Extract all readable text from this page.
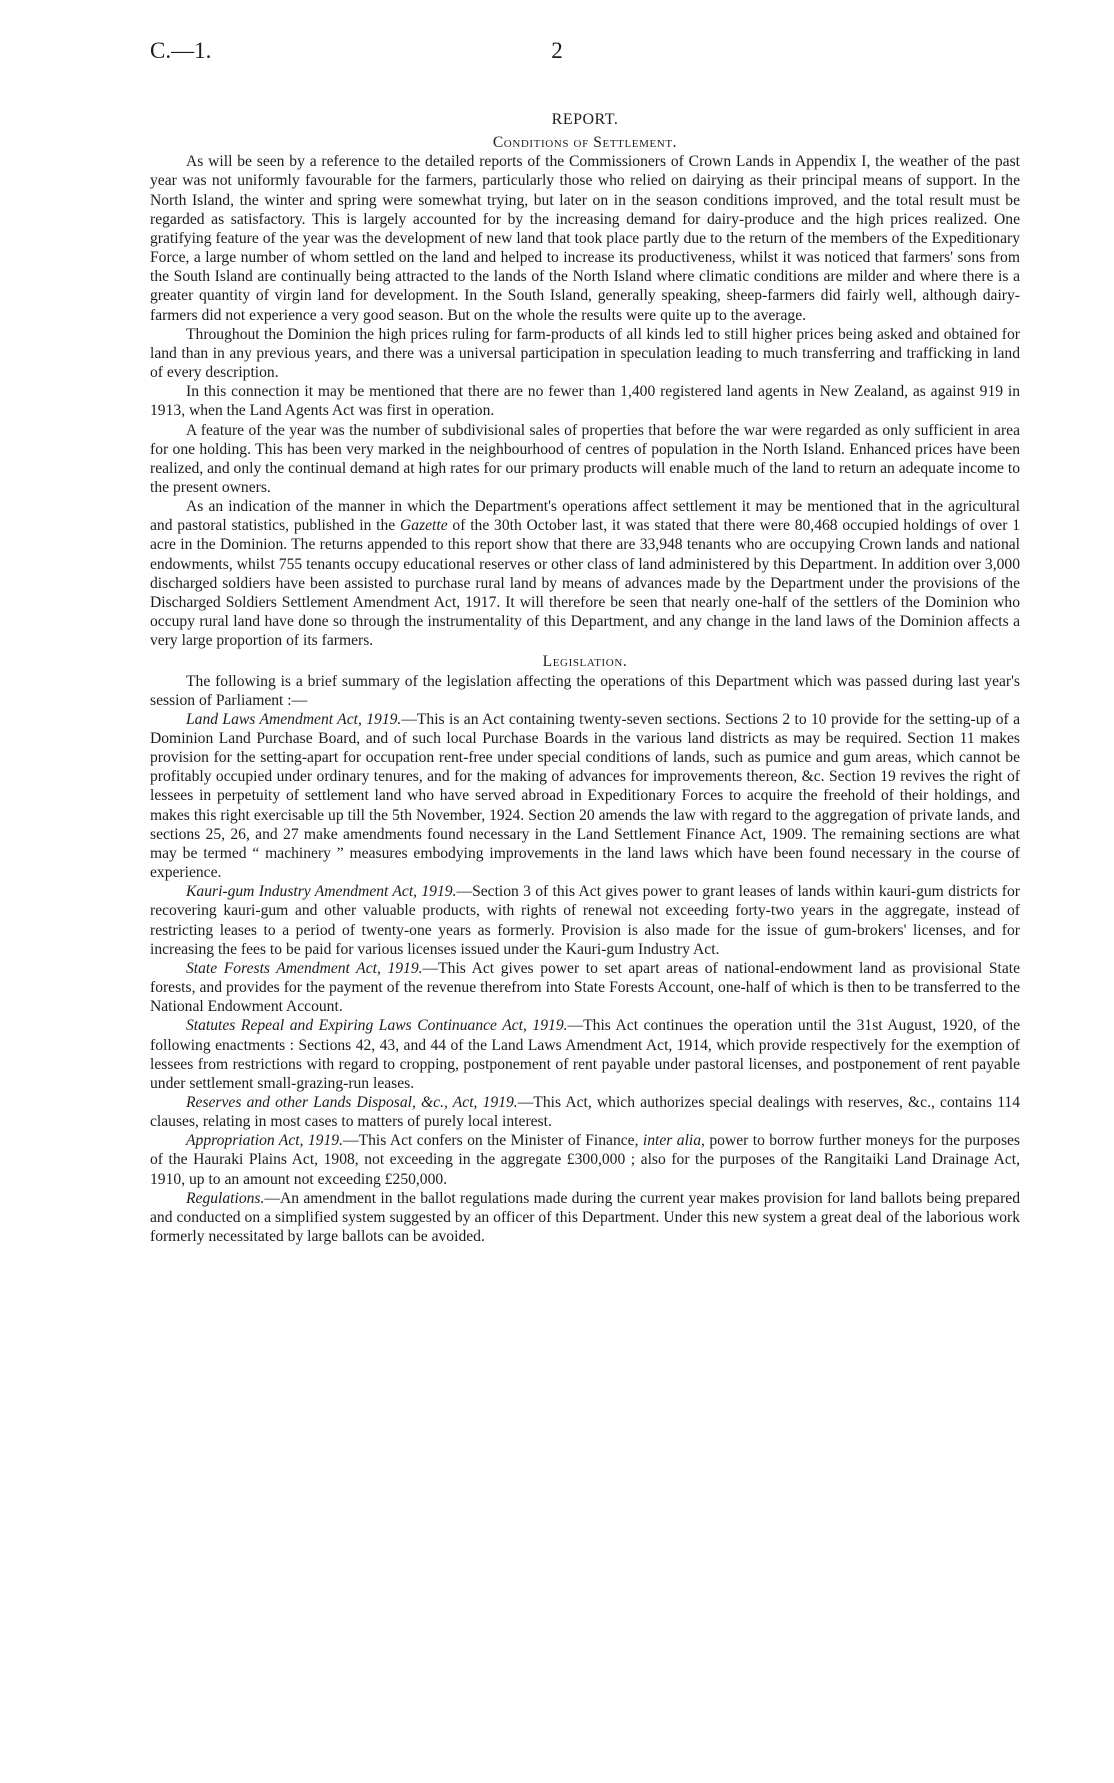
C.—1.	2
REPORT.
Conditions of Settlement.

As will be seen by a reference to the detailed reports of the Commissioners of Crown Lands in Appendix I, the weather of the past year was not uniformly favourable for the farmers, particularly those who relied on dairying as their principal means of support. In the North Island, the winter and spring were somewhat trying, but later on in the season conditions improved, and the total result must be regarded as satisfactory. This is largely accounted for by the increasing demand for dairy-produce and the high prices realized. One gratifying feature of the year was the development of new land that took place partly due to the return of the members of the Expeditionary Force, a large number of whom settled on the land and helped to increase its productiveness, whilst it was noticed that farmers' sons from the South Island are continually being attracted to the lands of the North Island where climatic conditions are milder and where there is a greater quantity of virgin land for development. In the South Island, generally speaking, sheep-farmers did fairly well, although dairy-farmers did not experience a very good season. But on the whole the results were quite up to the average.

Throughout the Dominion the high prices ruling for farm-products of all kinds led to still higher prices being asked and obtained for land than in any previous years, and there was a universal participation in speculation leading to much transferring and trafficking in land of every description.

In this connection it may be mentioned that there are no fewer than 1,400 registered land agents in New Zealand, as against 919 in 1913, when the Land Agents Act was first in operation.

A feature of the year was the number of subdivisional sales of properties that before the war were regarded as only sufficient in area for one holding. This has been very marked in the neighbourhood of centres of population in the North Island. Enhanced prices have been realized, and only the continual demand at high rates for our primary products will enable much of the land to return an adequate income to the present owners.

As an indication of the manner in which the Department's operations affect settlement it may be mentioned that in the agricultural and pastoral statistics, published in the Gazette of the 30th October last, it was stated that there were 80,468 occupied holdings of over 1 acre in the Dominion. The returns appended to this report show that there are 33,948 tenants who are occupying Crown lands and national endowments, whilst 755 tenants occupy educational reserves or other class of land administered by this Department. In addition over 3,000 discharged soldiers have been assisted to purchase rural land by means of advances made by the Department under the provisions of the Discharged Soldiers Settlement Amendment Act, 1917. It will therefore be seen that nearly one-half of the settlers of the Dominion who occupy rural land have done so through the instrumentality of this Department, and any change in the land laws of the Dominion affects a very large proportion of its farmers.

Legislation.

The following is a brief summary of the legislation affecting the operations of this Department which was passed during last year's session of Parliament :—

Land Laws Amendment Act, 1919.—This is an Act containing twenty-seven sections. Sections 2 to 10 provide for the setting-up of a Dominion Land Purchase Board, and of such local Purchase Boards in the various land districts as may be required. Section 11 makes provision for the setting-apart for occupation rent-free under special conditions of lands, such as pumice and gum areas, which cannot be profitably occupied under ordinary tenures, and for the making of advances for improvements thereon, &c. Section 19 revives the right of lessees in perpetuity of settlement land who have served abroad in Expeditionary Forces to acquire the freehold of their holdings, and makes this right exercisable up till the 5th November, 1924. Section 20 amends the law with regard to the aggregation of private lands, and sections 25, 26, and 27 make amendments found necessary in the Land Settlement Finance Act, 1909. The remaining sections are what may be termed “ machinery ” measures embodying improvements in the land laws which have been found necessary in the course of experience.

Kauri-gum Industry Amendment Act, 1919.—Section 3 of this Act gives power to grant leases of lands within kauri-gum districts for recovering kauri-gum and other valuable products, with rights of renewal not exceeding forty-two years in the aggregate, instead of restricting leases to a period of twenty-one years as formerly. Provision is also made for the issue of gum-brokers' licenses, and for increasing the fees to be paid for various licenses issued under the Kauri-gum Industry Act.

State Forests Amendment Act, 1919.—This Act gives power to set apart areas of national-endowment land as provisional State forests, and provides for the payment of the revenue therefrom into State Forests Account, one-half of which is then to be transferred to the National Endowment Account.

Statutes Repeal and Expiring Laws Continuance Act, 1919.—This Act continues the operation until the 31st August, 1920, of the following enactments : Sections 42, 43, and 44 of the Land Laws Amendment Act, 1914, which provide respectively for the exemption of lessees from restrictions with regard to cropping, postponement of rent payable under pastoral licenses, and postponement of rent payable under settlement small-grazing-run leases.

Reserves and other Lands Disposal, &c., Act, 1919.—This Act, which authorizes special dealings with reserves, &c., contains 114 clauses, relating in most cases to matters of purely local interest.

Appropriation Act, 1919.—This Act confers on the Minister of Finance, inter alia, power to borrow further moneys for the purposes of the Hauraki Plains Act, 1908, not exceeding in the aggregate £300,000 ; also for the purposes of the Rangitaiki Land Drainage Act, 1910, up to an amount not exceeding £250,000.

Regulations.—An amendment in the ballot regulations made during the current year makes provision for land ballots being prepared and conducted on a simplified system suggested by an officer of this Department. Under this new system a great deal of the laborious work formerly necessitated by large ballots can be avoided.
